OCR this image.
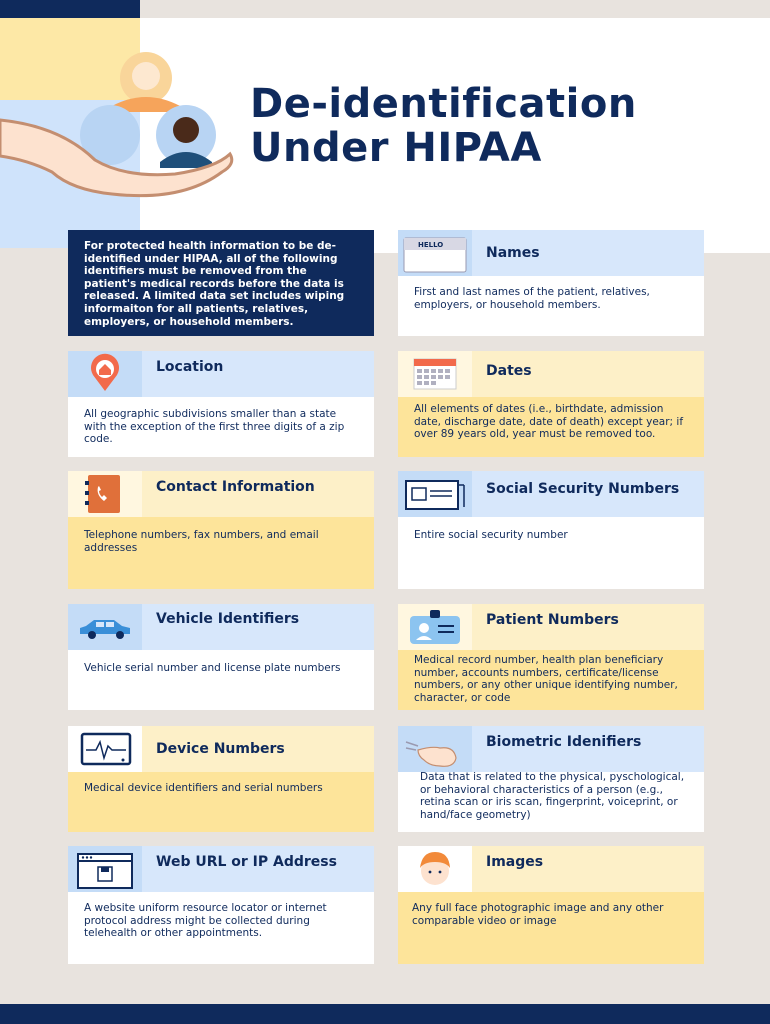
De-identification
Under HIPAA
For protected health information to be de-identified under HIPAA, all of the following identifiers must be removed from the patient's medical records before the data is released. A limited data set includes wiping informaiton for all patients, relatives, employers, or household members.
HELLO	Names
First and last names of the patient, relatives, employers, or household members.
Location
All geographic subdivisions smaller than a state with the exception of the first three digits of a zip code.
Dates
All elements of dates (i.e., birthdate, admission date, discharge date, date of death) except year; if over 89 years old, year must be removed too.
Contact Information
Telephone numbers, fax numbers, and email addresses
Social Security Numbers
Entire social security number
Vehicle Identifiers
Vehicle serial number and license plate numbers
Patient Numbers
Medical record number, health plan beneficiary number, accounts numbers, certificate/license numbers, or any other unique identifying number, character, or code
Device Numbers
Medical device identifiers and serial numbers
Biometric Idenifiers
Data that is related to the physical, pyschological, or behavioral characteristics of a person (e.g., retina scan or iris scan, fingerprint, voiceprint, or hand/face geometry)
Web URL or IP Address
A website uniform resource locator or internet protocol address might be collected during telehealth or other appointments.
Images
Any full face photographic image and any other comparable video or image
